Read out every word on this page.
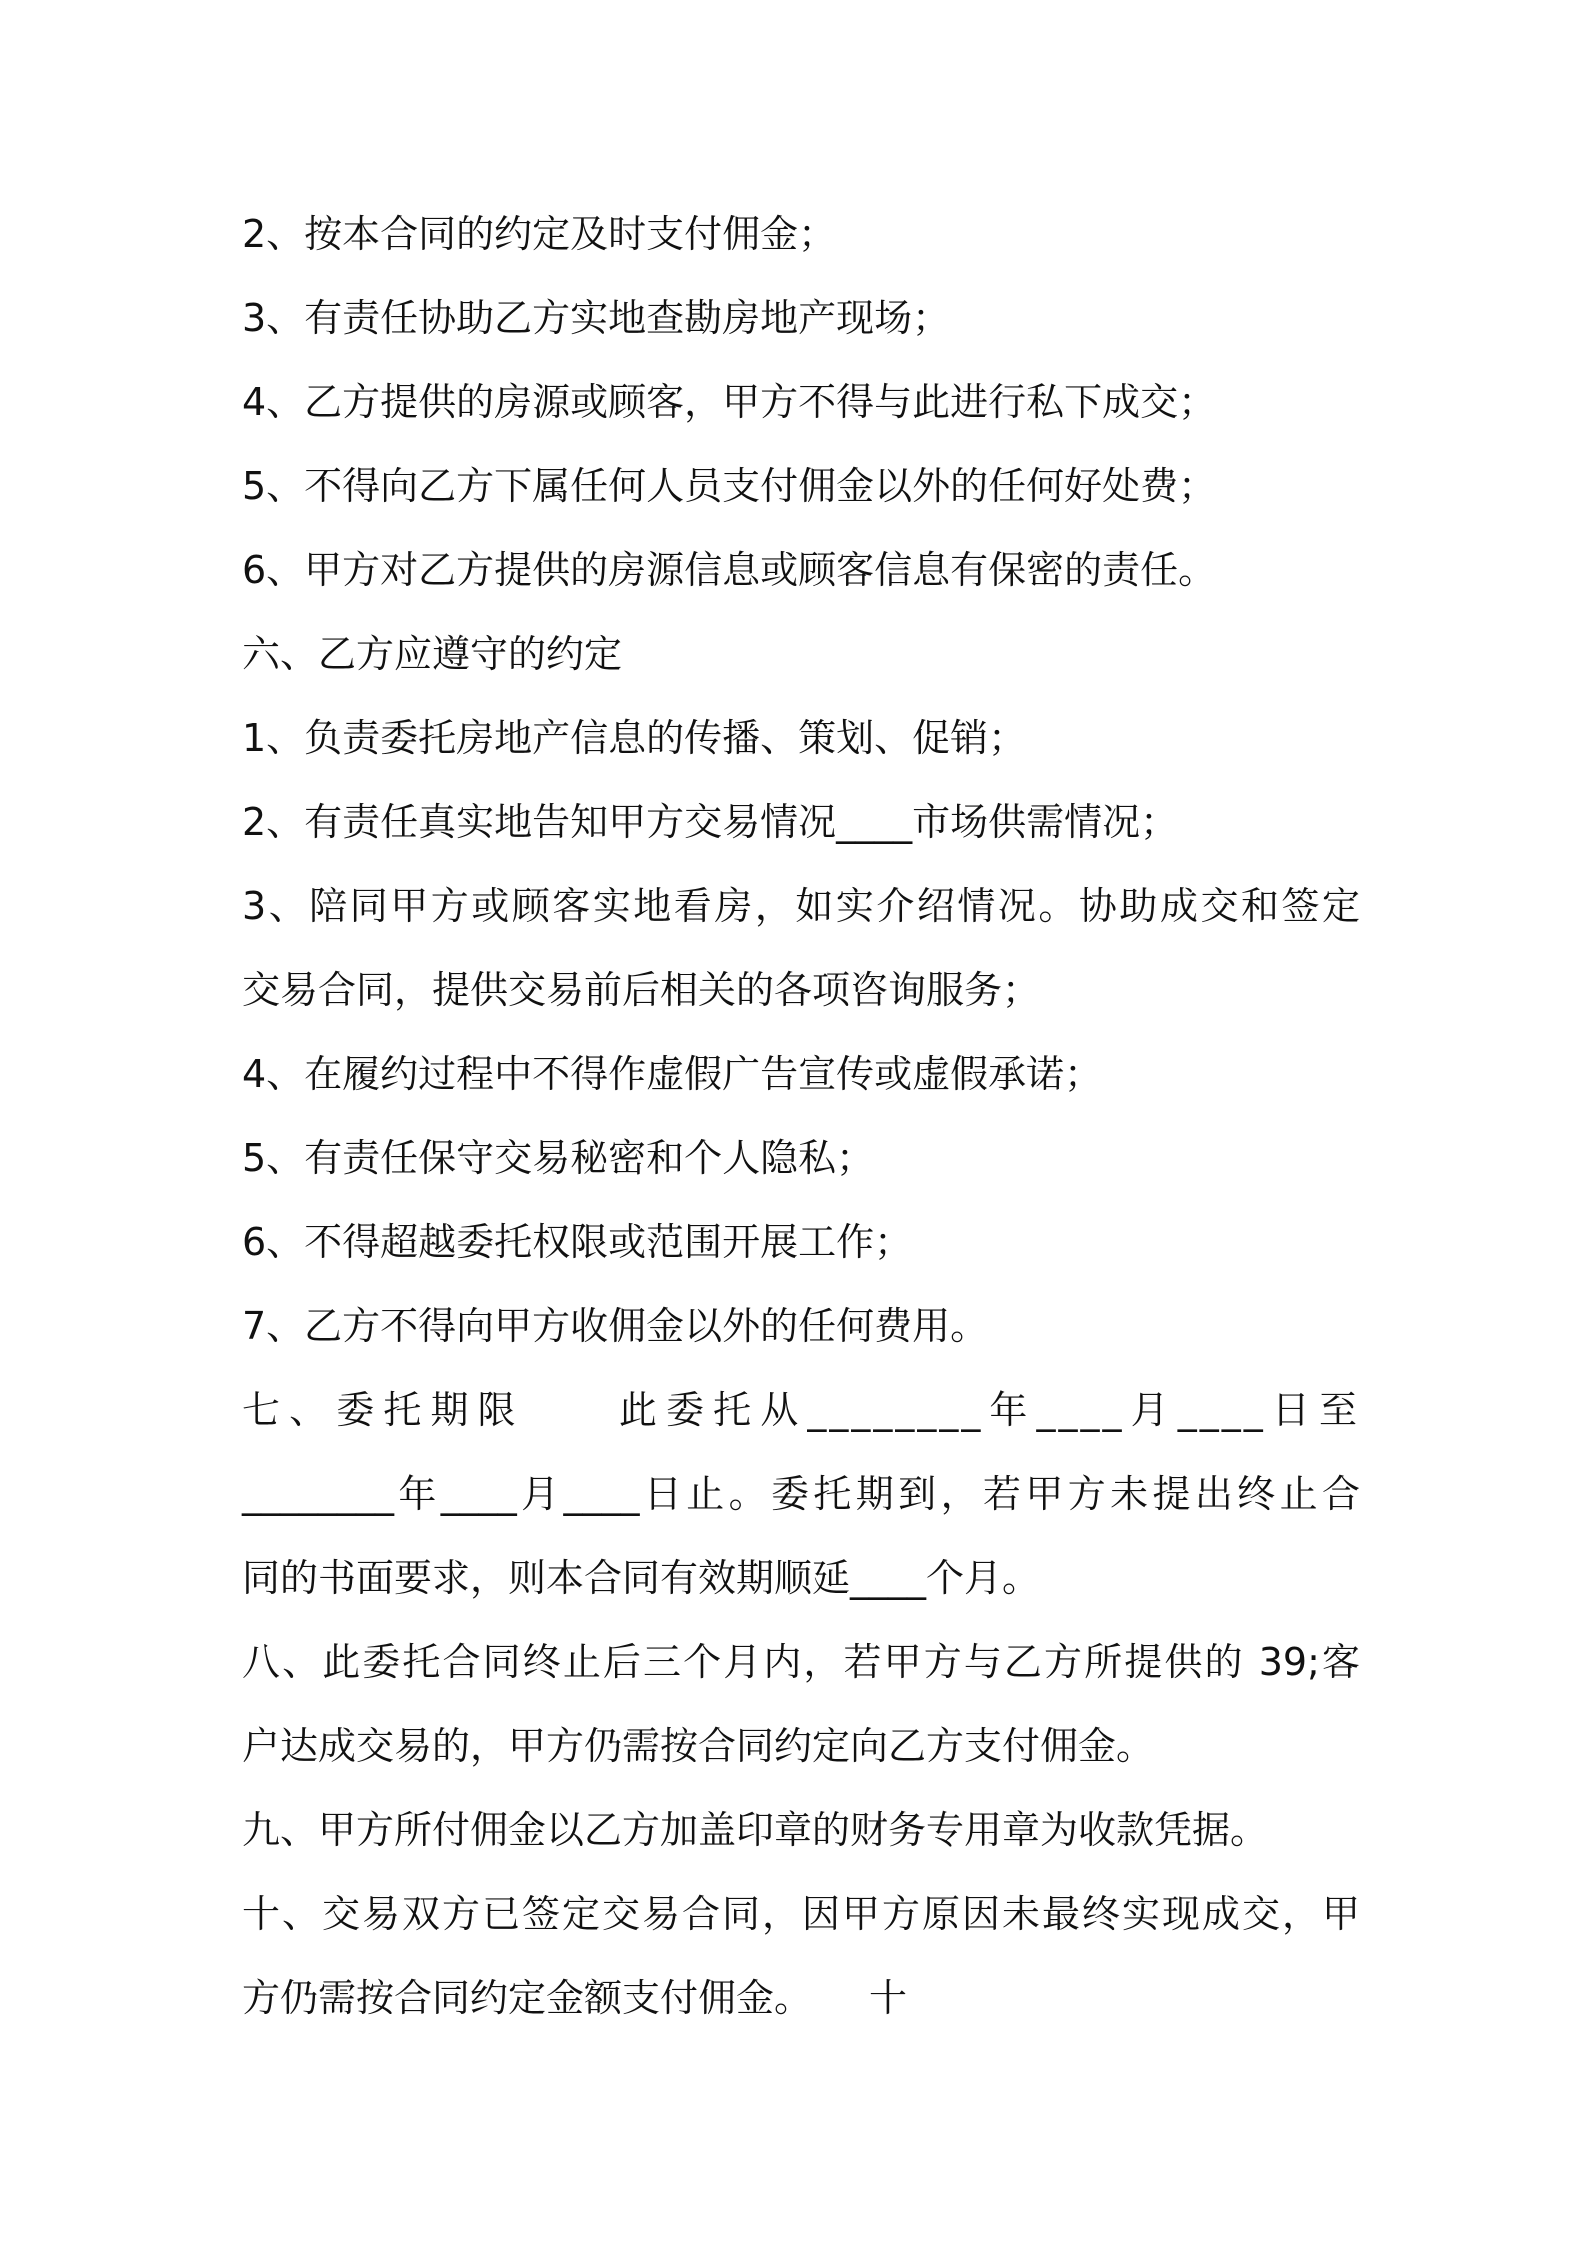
2、按本合同的约定及时支付佣金；
3、有责任协助乙方实地查勘房地产现场；
4、乙方提供的房源或顾客，甲方不得与此进行私下成交；
5、不得向乙方下属任何人员支付佣金以外的任何好处费；
6、甲方对乙方提供的房源信息或顾客信息有保密的责任。
六、乙方应遵守的约定
1、负责委托房地产信息的传播、策划、促销；
2、有责任真实地告知甲方交易情况____市场供需情况；
3、陪同甲方或顾客实地看房，如实介绍情况。协助成交和签定
交易合同，提供交易前后相关的各项咨询服务；
4、在履约过程中不得作虚假广告宣传或虚假承诺；
5、有责任保守交易秘密和个人隐私；
6、不得超越委托权限或范围开展工作；
7、乙方不得向甲方收佣金以外的任何费用。
七、委托期限　　此委托从________年____月____日至
________年____月____日止。委托期到，若甲方未提出终止合
同的书面要求，则本合同有效期顺延____个月。
八、此委托合同终止后三个月内，若甲方与乙方所提供的 39;客
户达成交易的，甲方仍需按合同约定向乙方支付佣金。
九、甲方所付佣金以乙方加盖印章的财务专用章为收款凭据。
十、交易双方已签定交易合同，因甲方原因未最终实现成交，甲
方仍需按合同约定金额支付佣金。　　十
